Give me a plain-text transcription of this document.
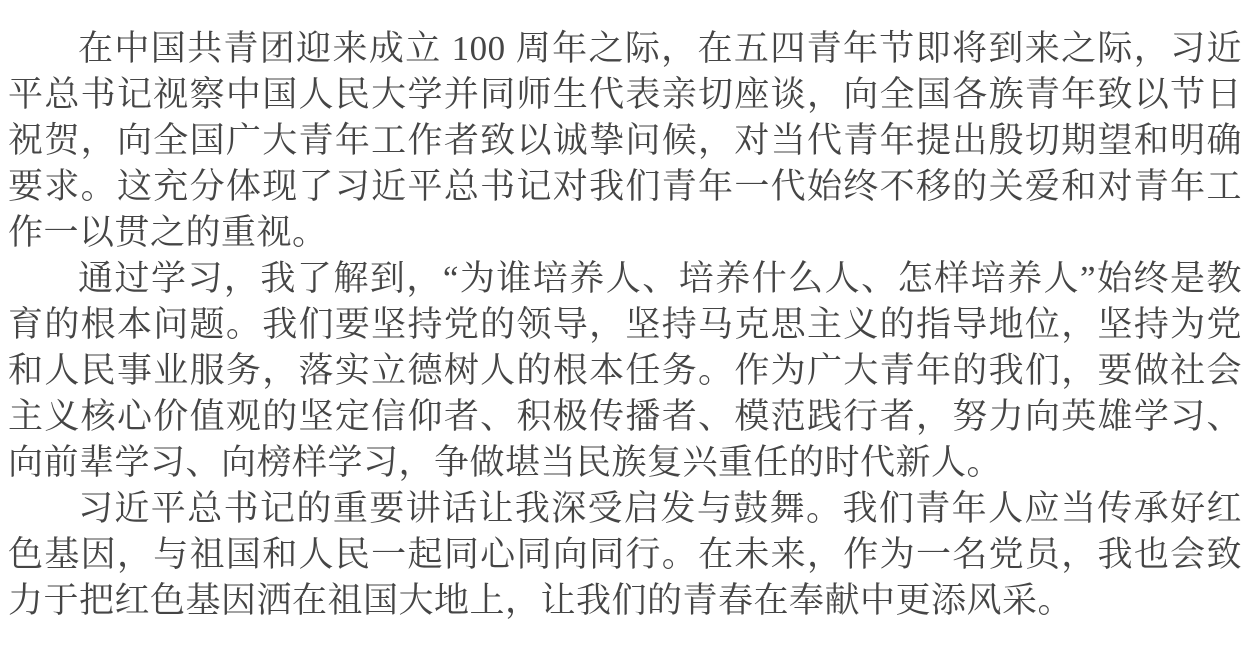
在中国共青团迎来成立 100 周年之际，在五四青年节即将到来之际，习近平总书记视察中国人民大学并同师生代表亲切座谈，向全国各族青年致以节日祝贺，向全国广大青年工作者致以诚挚问候，对当代青年提出殷切期望和明确要求。这充分体现了习近平总书记对我们青年一代始终不移的关爱和对青年工作一以贯之的重视。

通过学习，我了解到，“为谁培养人、培养什么人、怎样培养人”始终是教育的根本问题。我们要坚持党的领导，坚持马克思主义的指导地位，坚持为党和人民事业服务，落实立德树人的根本任务。作为广大青年的我们，要做社会主义核心价值观的坚定信仰者、积极传播者、模范践行者，努力向英雄学习、向前辈学习、向榜样学习，争做堪当民族复兴重任的时代新人。

习近平总书记的重要讲话让我深受启发与鼓舞。我们青年人应当传承好红色基因，与祖国和人民一起同心同向同行。在未来，作为一名党员，我也会致力于把红色基因洒在祖国大地上，让我们的青春在奉献中更添风采。
